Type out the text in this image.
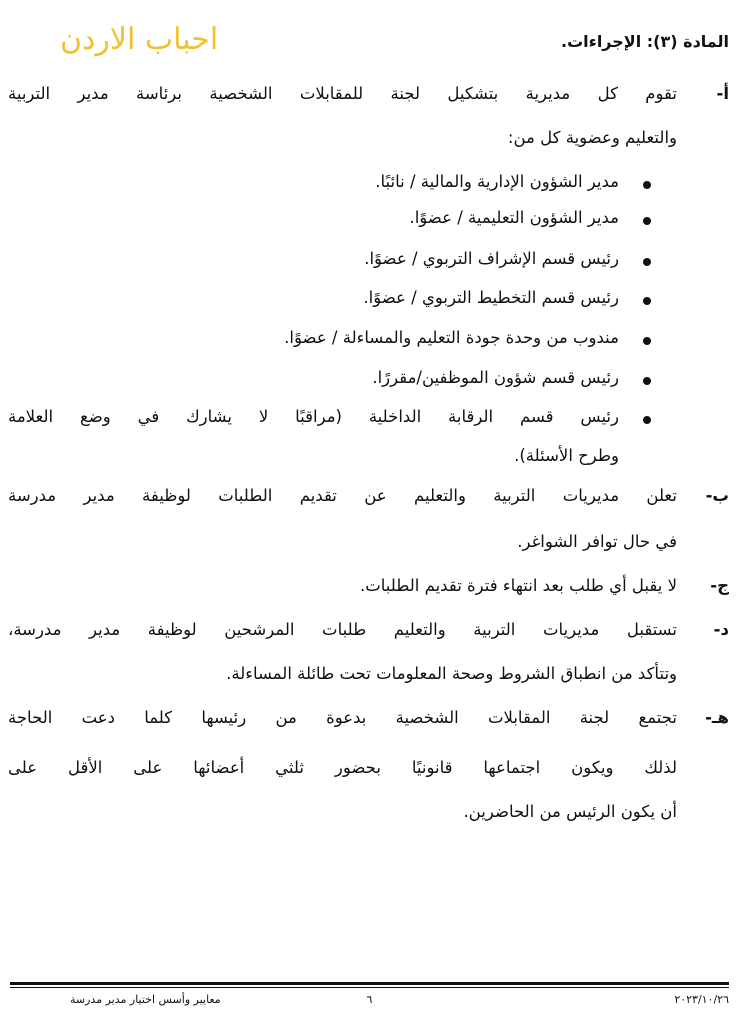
احباب الاردن	المادة (٣): الإجراءات.
أ-
تقوم كل مديرية بتشكيل لجنة للمقابلات الشخصية برئاسة مدير التربية
والتعليم وعضوية كل من:
مدير الشؤون الإدارية والمالية / نائبًا.
مدير الشؤون التعليمية / عضوًا.
رئيس قسم الإشراف التربوي / عضوًا.
رئيس قسم التخطيط التربوي / عضوًا.
مندوب من وحدة جودة التعليم والمساءلة / عضوًا.
رئيس قسم شؤون الموظفين/مقررًا.
رئيس قسم الرقابة الداخلية (مراقبًا لا يشارك في وضع العلامة
وطرح الأسئلة).
ب-
تعلن مديريات التربية والتعليم عن تقديم الطلبات لوظيفة مدير مدرسة
في حال توافر الشواغر.
ج-
لا يقبل أي طلب بعد انتهاء فترة تقديم الطلبات.
د-
تستقبل مديريات التربية والتعليم طلبات المرشحين لوظيفة مدير مدرسة،
وتتأكد من انطباق الشروط وصحة المعلومات تحت طائلة المساءلة.
هـ-
تجتمع لجنة المقابلات الشخصية بدعوة من رئيسها كلما دعت الحاجة
لذلك ويكون اجتماعها قانونيًا بحضور ثلثي أعضائها على الأقل على
أن يكون الرئيس من الحاضرين.
معايير وأسس اختيار مدير مدرسة	٦	٢٠٢٣/١٠/٢٦
